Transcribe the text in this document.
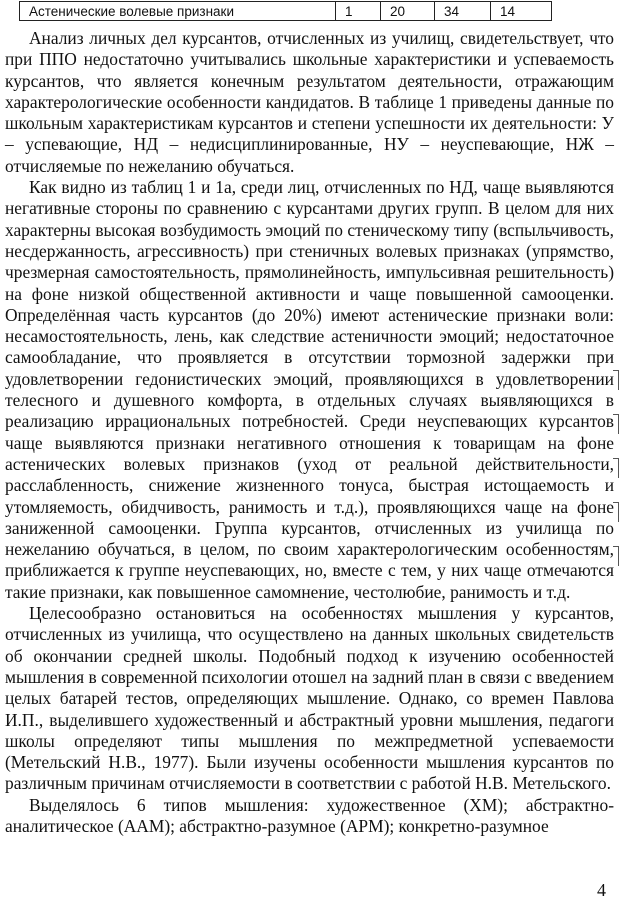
Астенические волевые признаки	1	20	34	14

Анализ личных дел курсантов, отчисленных из училищ, свидетельствует, что при ППО недостаточно учитывались школьные характеристики и успеваемость курсантов, что является конечным результатом деятельности, отражающим характерологические особенности кандидатов. В таблице 1 приведены данные по школьным характеристикам курсантов и степени успешности их деятельности: У – успевающие, НД – недисциплинированные, НУ – неуспевающие, НЖ – отчисляемые по нежеланию обучаться.

Как видно из таблиц 1 и 1а, среди лиц, отчисленных по НД, чаще выявляются негативные стороны по сравнению с курсантами других групп. В целом для них характерны высокая возбудимость эмоций по стеническому типу (вспыльчивость, несдержанность, агрессивность) при стеничных волевых признаках (упрямство, чрезмерная самостоятельность, прямолинейность, импульсивная решительность) на фоне низкой общественной активности и чаще повышенной самооценки. Определённая часть курсантов (до 20%) имеют астенические признаки воли: несамостоятельность, лень, как следствие астеничности эмоций; недостаточное самообладание, что проявляется в отсутствии тормозной задержки при удовлетворении гедонистических эмоций, проявляющихся в удовлетворении телесного и душевного комфорта, в отдельных случаях выявляющихся в реализацию иррациональных потребностей. Среди неуспевающих курсантов чаще выявляются признаки негативного отношения к товарищам на фоне астенических волевых признаков (уход от реальной действительности, расслабленность, снижение жизненного тонуса, быстрая истощаемость и утомляемость, обидчивость, ранимость и т.д.), проявляющихся чаще на фоне заниженной самооценки. Группа курсантов, отчисленных из училища по нежеланию обучаться, в целом, по своим характерологическим особенностям, приближается к группе неуспевающих, но, вместе с тем, у них чаще отмечаются такие признаки, как повышенное самомнение, честолюбие, ранимость и т.д.

Целесообразно остановиться на особенностях мышления у курсантов, отчисленных из училища, что осуществлено на данных школьных свидетельств об окончании средней школы. Подобный подход к изучению особенностей мышления в современной психологии отошел на задний план в связи с введением целых батарей тестов, определяющих мышление. Однако, со времен Павлова И.П., выделившего художественный и абстрактный уровни мышления, педагоги школы определяют типы мышления по межпредметной успеваемости (Метельский Н.В., 1977). Были изучены особенности мышления курсантов по различным причинам отчисляемости в соответствии с работой Н.В. Метельского.

Выделялось 6 типов мышления: художественное (ХМ); абстрактно-аналитическое (ААМ); абстрактно-разумное (АРМ); конкретно-разумное

4
